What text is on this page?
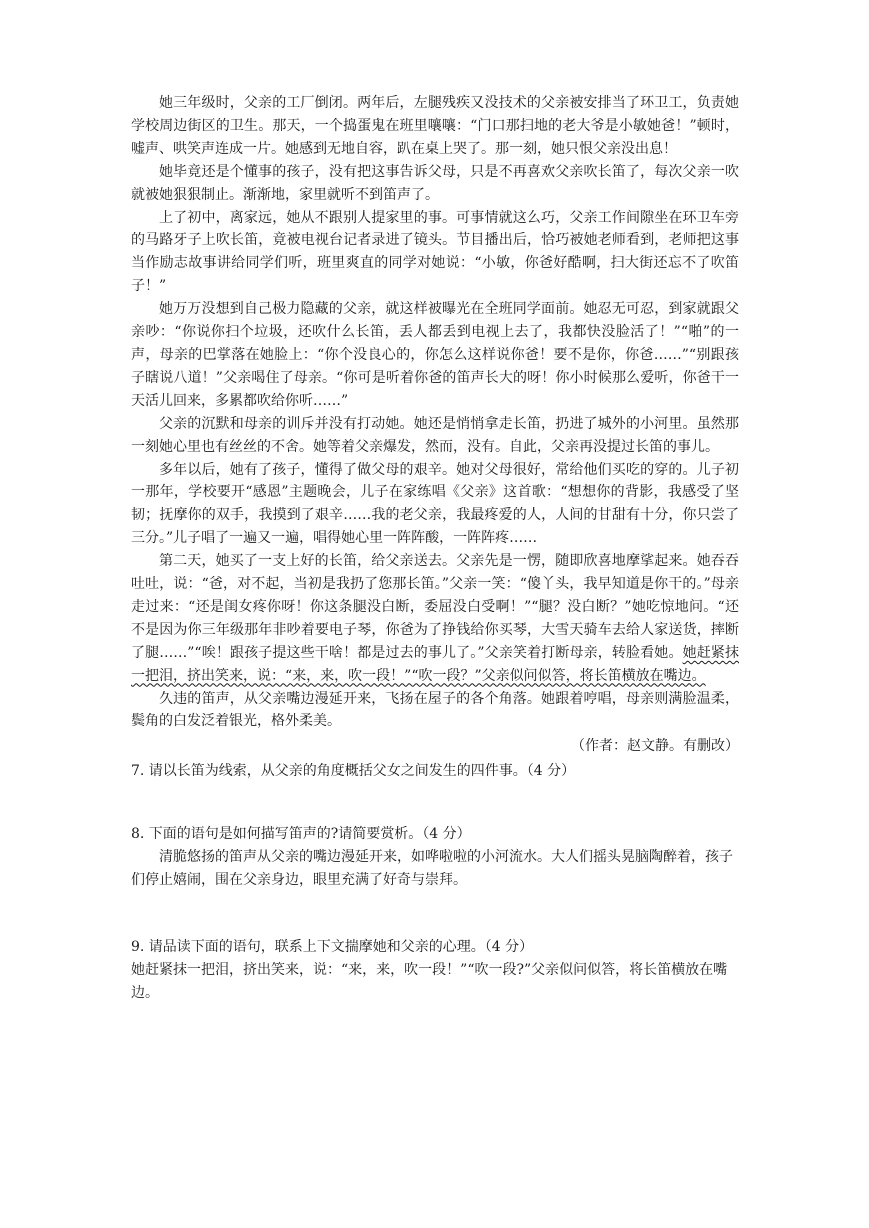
她三年级时，父亲的工厂倒闭。两年后，左腿残疾又没技术的父亲被安排当了环卫工，负责她学校周边街区的卫生。那天，一个捣蛋鬼在班里嚷嚷：“门口那扫地的老大爷是小敏她爸！”顿时，嘘声、哄笑声连成一片。她感到无地自容，趴在桌上哭了。那一刻，她只恨父亲没出息！

她毕竟还是个懂事的孩子，没有把这事告诉父母，只是不再喜欢父亲吹长笛了，每次父亲一吹就被她狠狠制止。渐渐地，家里就听不到笛声了。

上了初中，离家远，她从不跟别人提家里的事。可事情就这么巧，父亲工作间隙坐在环卫车旁的马路牙子上吹长笛，竟被电视台记者录进了镜头。节目播出后，恰巧被她老师看到，老师把这事当作励志故事讲给同学们听，班里爽直的同学对她说：“小敏，你爸好酷啊，扫大街还忘不了吹笛子！”

她万万没想到自己极力隐藏的父亲，就这样被曝光在全班同学面前。她忍无可忍，到家就跟父亲吵：“你说你扫个垃圾，还吹什么长笛，丢人都丢到电视上去了，我都快没脸活了！”“啪”的一声，母亲的巴掌落在她脸上：“你个没良心的，你怎么这样说你爸！要不是你，你爸……”“别跟孩子瞎说八道！”父亲喝住了母亲。“你可是听着你爸的笛声长大的呀！你小时候那么爱听，你爸干一天活儿回来，多累都吹给你听……”

父亲的沉默和母亲的训斥并没有打动她。她还是悄悄拿走长笛，扔进了城外的小河里。虽然那一刻她心里也有丝丝的不舍。她等着父亲爆发，然而，没有。自此，父亲再没提过长笛的事儿。

多年以后，她有了孩子，懂得了做父母的艰辛。她对父母很好，常给他们买吃的穿的。儿子初一那年，学校要开“感恩”主题晚会，儿子在家练唱《父亲》这首歌：“想想你的背影，我感受了坚韧；抚摩你的双手，我摸到了艰辛……我的老父亲，我最疼爱的人，人间的甘甜有十分，你只尝了三分。”儿子唱了一遍又一遍，唱得她心里一阵阵酸，一阵阵疼……

第二天，她买了一支上好的长笛，给父亲送去。父亲先是一愣，随即欣喜地摩挲起来。她吞吞吐吐，说：“爸，对不起，当初是我扔了您那长笛。”父亲一笑：“傻丫头，我早知道是你干的。”母亲走过来：“还是闺女疼你呀！你这条腿没白断，委屈没白受啊！”“腿？没白断？”她吃惊地问。“还不是因为你三年级那年非吵着要电子琴，你爸为了挣钱给你买琴，大雪天骑车去给人家送货，摔断了腿……”“唉！跟孩子提这些干啥！都是过去的事儿了。”父亲笑着打断母亲，转脸看她。她赶紧抹一把泪，挤出笑来，说：“来，来，吹一段！”“吹一段？”父亲似问似答，将长笛横放在嘴边。

久违的笛声，从父亲嘴边漫延开来，飞扬在屋子的各个角落。她跟着哼唱，母亲则满脸温柔，鬓角的白发泛着银光，格外柔美。

（作者：赵文静。有删改）

7. 请以长笛为线索，从父亲的角度概括父女之间发生的四件事。（4 分）

8. 下面的语句是如何描写笛声的?请简要赏析。（4 分）

清脆悠扬的笛声从父亲的嘴边漫延开来，如哗啦啦的小河流水。大人们摇头晃脑陶醉着，孩子们停止嬉闹，围在父亲身边，眼里充满了好奇与崇拜。

9. 请品读下面的语句，联系上下文揣摩她和父亲的心理。（4 分）

她赶紧抹一把泪，挤出笑来，说：“来，来，吹一段！”“吹一段?”父亲似问似答，将长笛横放在嘴边。
